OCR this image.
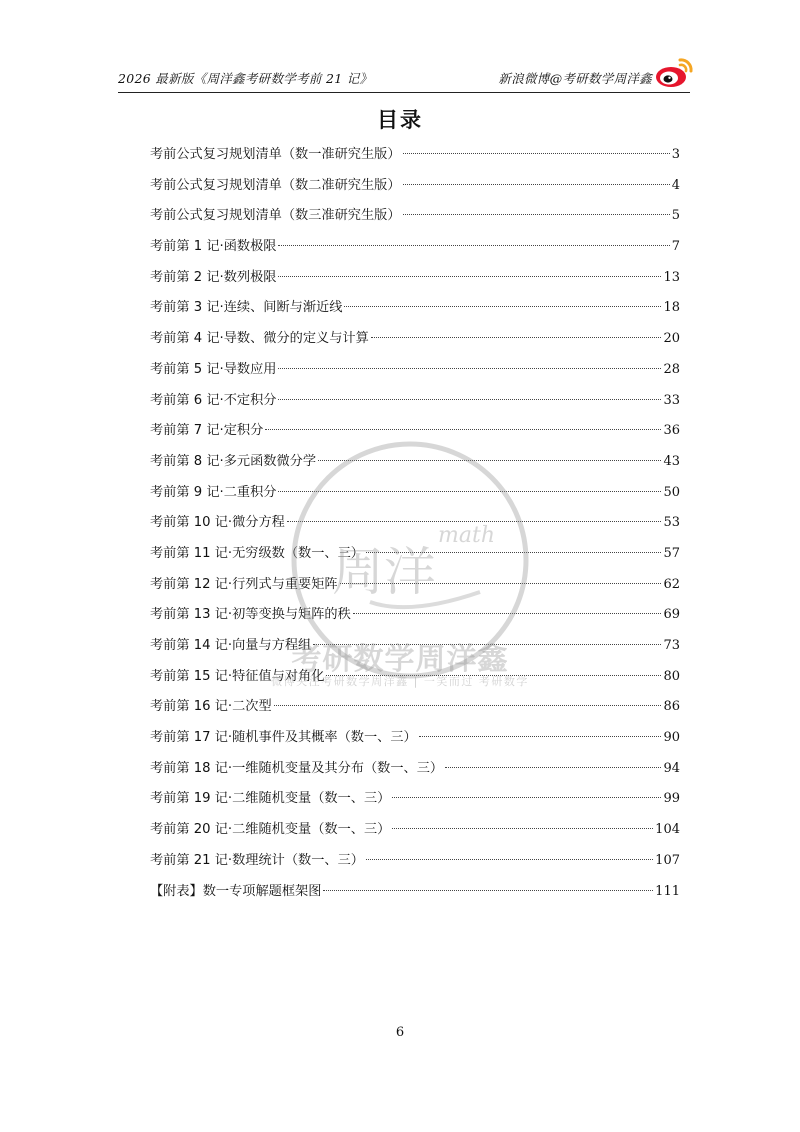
2026 最新版《周洋鑫考研数学考前 21 记》	新浪微博@考研数学周洋鑫
目录
考前公式复习规划清单（数一准研究生版）	3
考前公式复习规划清单（数二准研究生版）	4
考前公式复习规划清单（数三准研究生版）	5
考前第 1 记·函数极限	7
考前第 2 记·数列极限	13
考前第 3 记·连续、间断与渐近线	18
考前第 4 记·导数、微分的定义与计算	20
考前第 5 记·导数应用	28
考前第 6 记·不定积分	33
考前第 7 记·定积分	36
考前第 8 记·多元函数微分学	43
考前第 9 记·二重积分	50
考前第 10 记·微分方程	53
考前第 11 记·无穷级数（数一、三）	57
考前第 12 记·行列式与重要矩阵	62
考前第 13 记·初等变换与矩阵的秩	69
考前第 14 记·向量与方程组	73
考前第 15 记·特征值与对角化	80
考前第 16 记·二次型	86
考前第 17 记·随机事件及其概率（数一、三）	90
考前第 18 记·一维随机变量及其分布（数一、三）	94
考前第 19 记·二维随机变量（数一、三）	99
考前第 20 记·二维随机变量（数一、三）	104
考前第 21 记·数理统计（数一、三）	107
【附表】数一专项解题框架图	111
周洋
math
考研数学周洋鑫
微博关注考研数学周洋鑫 | 一笑而过 考研数学
6
